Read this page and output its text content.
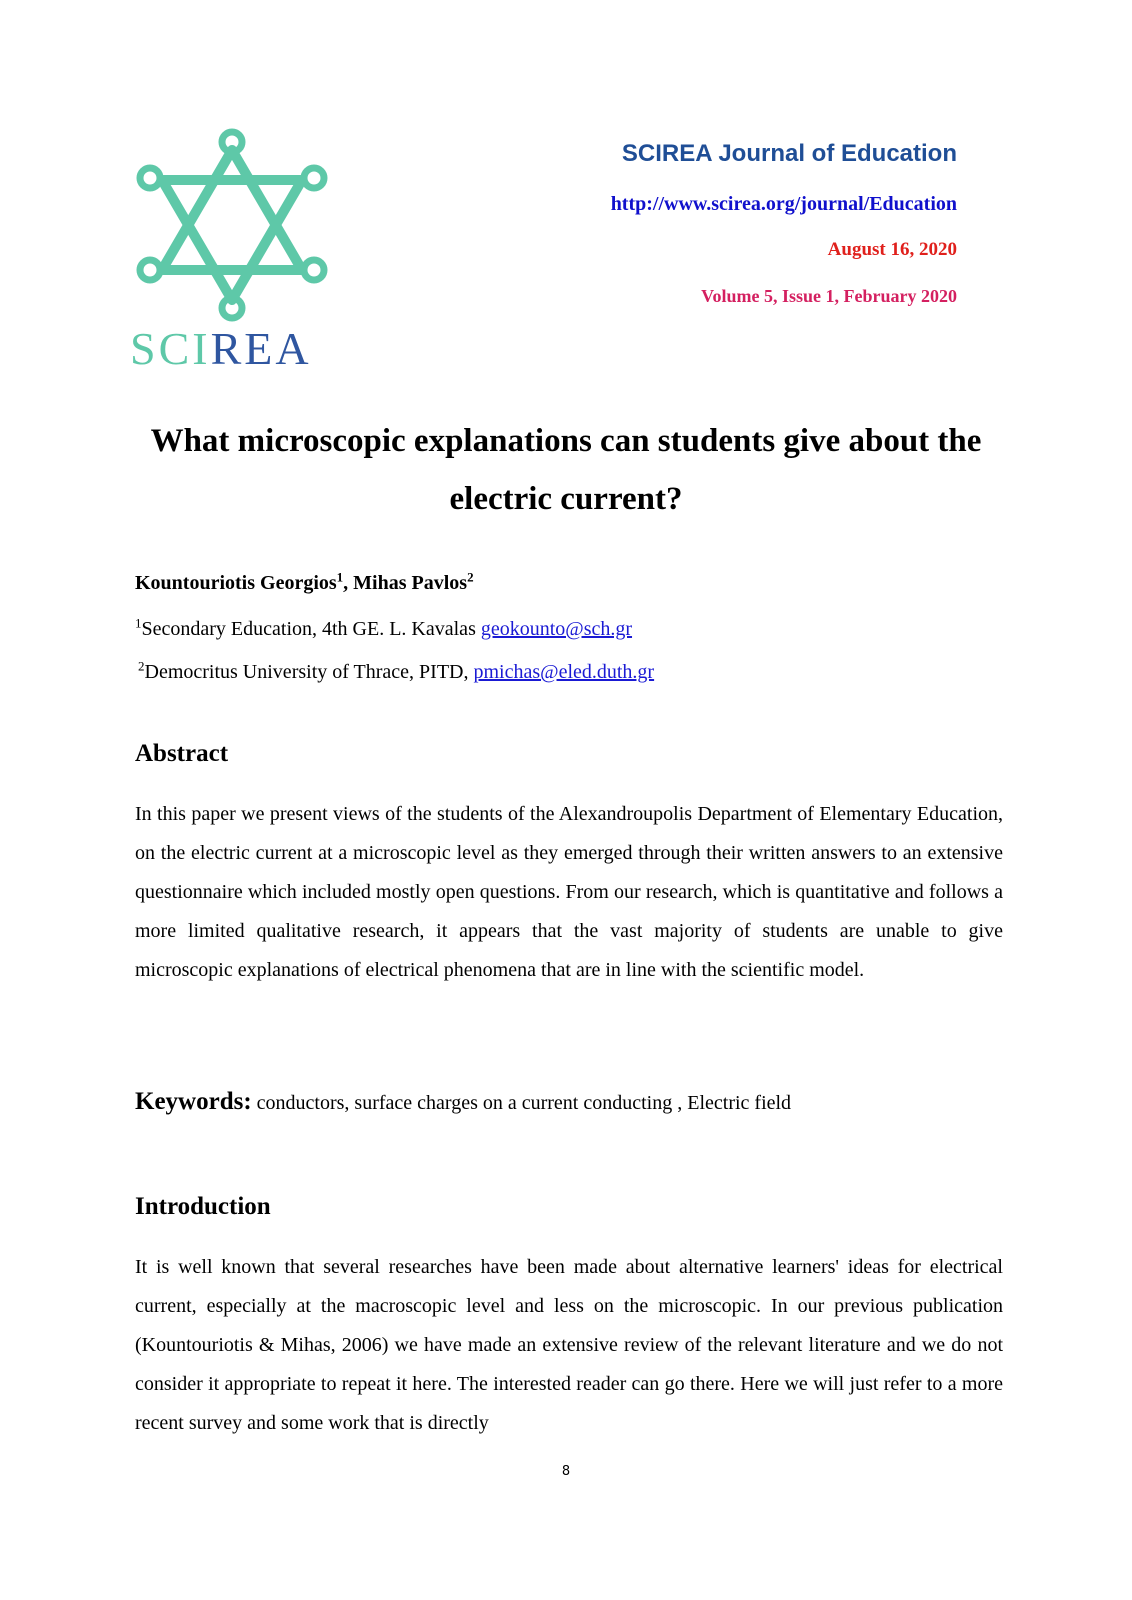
SCIREA
SCIREA Journal of Education
http://www.scirea.org/journal/Education
August 16, 2020
Volume 5, Issue 1, February 2020
What microscopic explanations can students give about the electric current?
Kountouriotis Georgios$^1$, Mihas Pavlos$^2$
$^1$Secondary Education, 4th GE. L. Kavalas geokounto@sch.gr
$^2$Democritus University of Thrace, PITD, pmichas@eled.duth.gr
Abstract

In this paper we present views of the students of the Alexandroupolis Department of Elementary Education, on the electric current at a microscopic level as they emerged through their written answers to an extensive questionnaire which included mostly open questions. From our research, which is quantitative and follows a more limited qualitative research, it appears that the vast majority of students are unable to give microscopic explanations of electrical phenomena that are in line with the scientific model.

Keywords: conductors, surface charges on a current conducting , Electric field
Introduction

It is well known that several researches have been made about alternative learners' ideas for electrical current, especially at the macroscopic level and less on the microscopic. In our previous publication (Kountouriotis & Mihas, 2006) we have made an extensive review of the relevant literature and we do not consider it appropriate to repeat it here. The interested reader can go there. Here we will just refer to a more recent survey and some work that is directly

8
